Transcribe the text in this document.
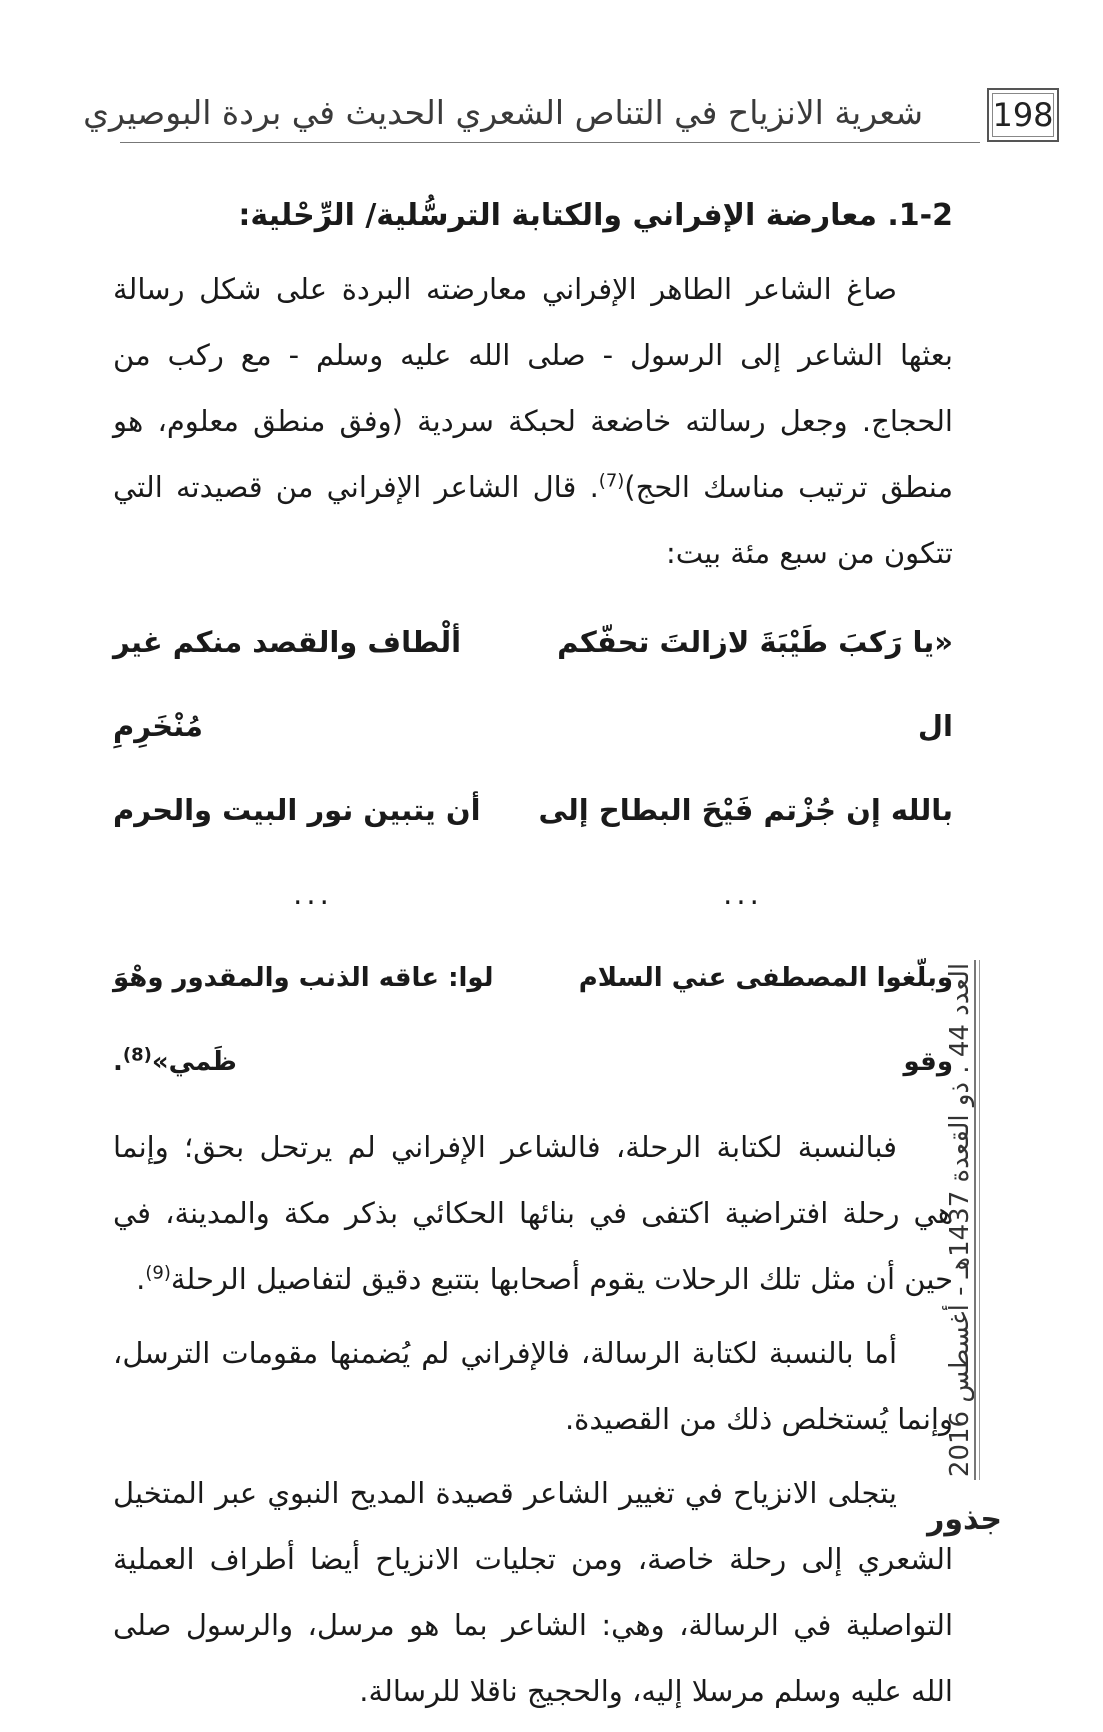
198
شعرية الانزياح في التناص الشعري الحديث في بردة البوصيري
1-2. معارضة الإفراني والكتابة الترسُّلية/ الرِّحْلية:

صاغ الشاعر الطاهر الإفراني معارضته البردة على شكل رسالة بعثها الشاعر إلى الرسول - صلى الله عليه وسلم - مع ركب من الحجاج. وجعل رسالته خاضعة لحبكة سردية (وفق منطق معلوم، هو منطق ترتيب مناسك الحج)$^{(7)}$. قال الشاعر الإفراني من قصيدته التي تتكون من سبع مئة بيت:

«يا رَكبَ طَيْبَةَ لازالتَ تحفّكم ال
ألْطاف والقصد منكم غير مُنْخَرِمِ
بالله إن جُزْتم فَيْحَ البطاح إلى
أن يتبين نور البيت والحرم
...
...
وبلّغوا المصطفى عني السلام وقو
لوا: عاقه الذنب والمقدور وهْوَ ظَمي»$^{(8)}$.

فبالنسبة لكتابة الرحلة، فالشاعر الإفراني لم يرتحل بحق؛ وإنما هي رحلة افتراضية اكتفى في بنائها الحكائي بذكر مكة والمدينة، في حين أن مثل تلك الرحلات يقوم أصحابها بتتبع دقيق لتفاصيل الرحلة$^{(9)}$.

أما بالنسبة لكتابة الرسالة، فالإفراني لم يُضمنها مقومات الترسل، وإنما يُستخلص ذلك من القصيدة.

يتجلى الانزياح في تغيير الشاعر قصيدة المديح النبوي عبر المتخيل الشعري إلى رحلة خاصة، ومن تجليات الانزياح أيضا أطراف العملية التواصلية في الرسالة، وهي: الشاعر بما هو مرسل، والرسول صلى الله عليه وسلم مرسلا إليه، والحجيج ناقلا للرسالة.

العدد 44 . ذو القعدة 1437هـ - أغسطس 2016
جذور
